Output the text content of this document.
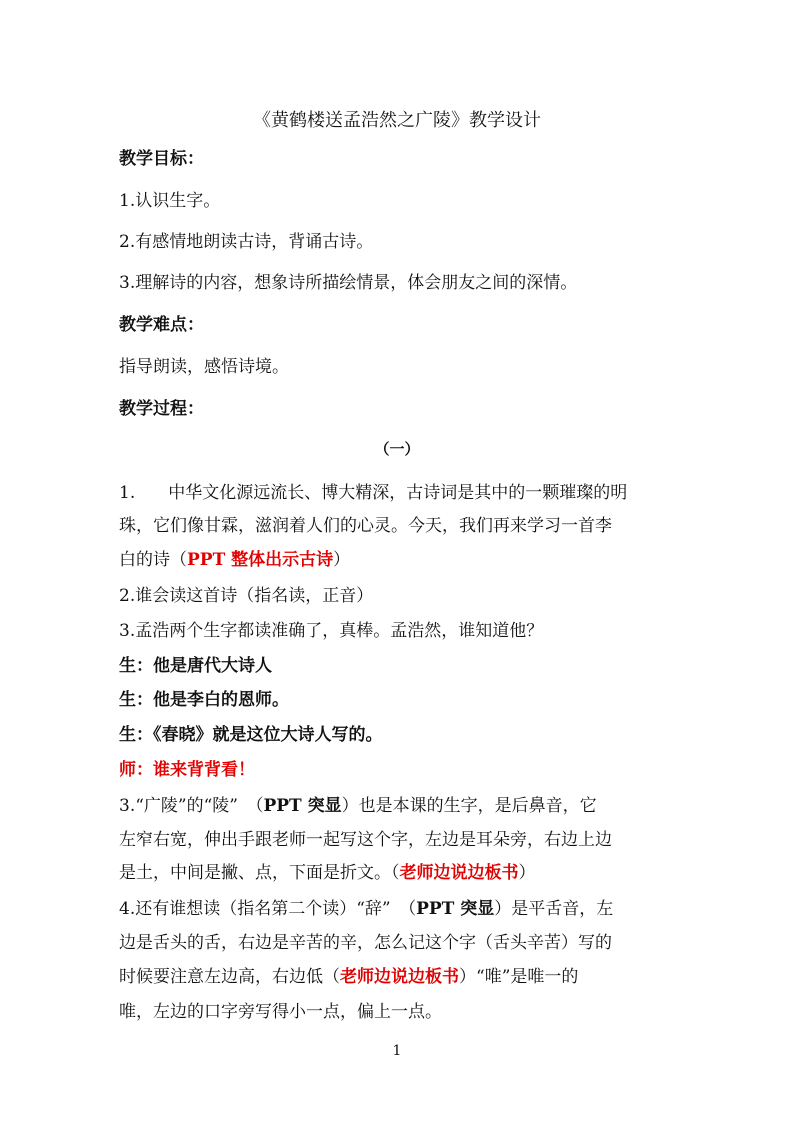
《黄鹤楼送孟浩然之广陵》教学设计
教学目标：
1.认识生字。
2.有感情地朗读古诗，背诵古诗。
3.理解诗的内容，想象诗所描绘情景，体会朋友之间的深情。
教学难点：
指导朗读，感悟诗境。
教学过程：
（一）
1. 中华文化源远流长、博大精深，古诗词是其中的一颗璀璨的明
珠，它们像甘霖，滋润着人们的心灵。今天，我们再来学习一首李
白的诗（PPT 整体出示古诗）
2.谁会读这首诗（指名读，正音）
3.孟浩两个生字都读准确了，真棒。孟浩然，谁知道他？
生：他是唐代大诗人
生：他是李白的恩师。
生：《春晓》就是这位大诗人写的。
师：谁来背背看！
3.“广陵”的“陵”　（PPT 突显）也是本课的生字，是后鼻音，它
左窄右宽，伸出手跟老师一起写这个字，左边是耳朵旁，右边上边
是土，中间是撇、点，下面是折文。（老师边说边板书）
4.还有谁想读（指名第二个读）“辞”　（PPT 突显）是平舌音，左
边是舌头的舌，右边是辛苦的辛，怎么记这个字（舌头辛苦）写的
时候要注意左边高，右边低（老师边说边板书）“唯”是唯一的
唯，左边的口字旁写得小一点，偏上一点。
1
